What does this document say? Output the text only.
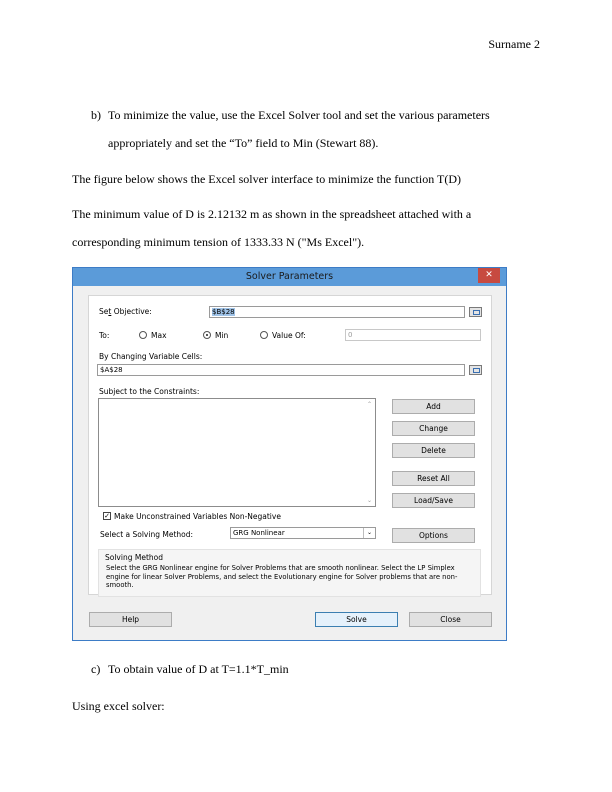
Surname 2
b) To minimize the value, use the Excel Solver tool and set the various parameters
appropriately and set the “To” field to Min (Stewart 88).
The figure below shows the Excel solver interface to minimize the function T(D)
The minimum value of D is 2.12132 m as shown in the spreadsheet attached with a
corresponding minimum tension of 1333.33 N ("Ms Excel").
Solver Parameters	✕
Set Objective:	$B$28
To:	Max	Min	Value Of:	0
By Changing Variable Cells:
$A$28
Subject to the Constraints:
⌃
⌄
Add
Change
Delete
Reset All
Load/Save
✓ Make Unconstrained Variables Non-Negative
Select a Solving Method:	GRG Nonlinear	⌄	Options
Solving Method
Select the GRG Nonlinear engine for Solver Problems that are smooth nonlinear. Select the LP Simplex engine for linear Solver Problems, and select the Evolutionary engine for Solver problems that are non-smooth.
Help	Solve	Close
c) To obtain value of D at T=1.1*T_min
Using excel solver:
